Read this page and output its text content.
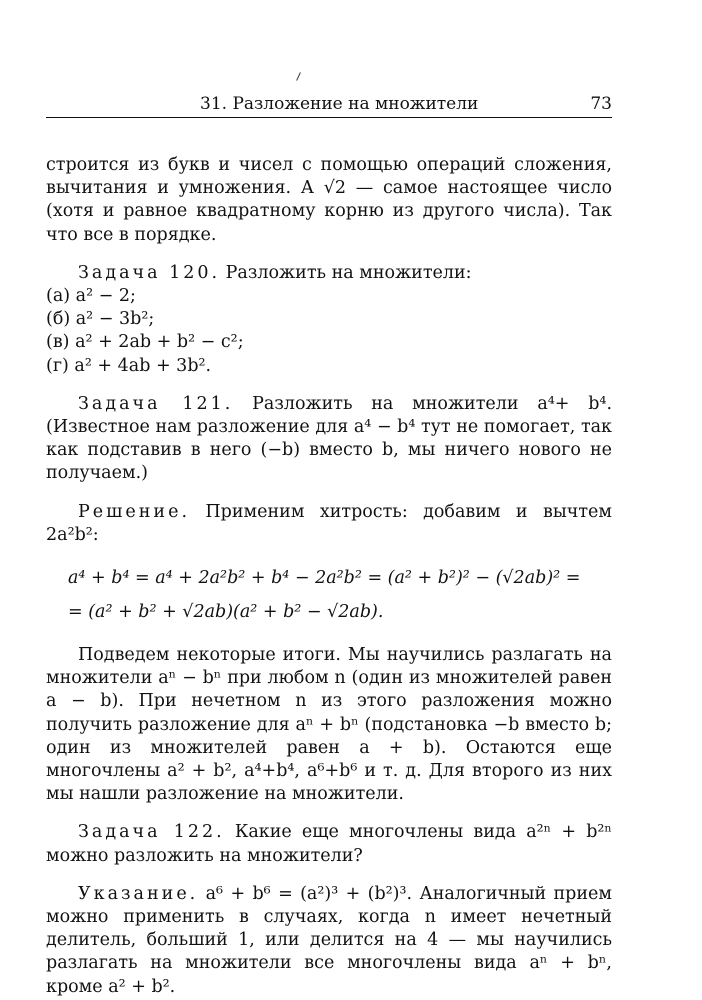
31. Разложение на множители	73

строится из букв и чисел с помощью операций сложения, вычитания и умножения. А √2 — самое настоящее число (хотя и равное квадратному корню из другого числа). Так что все в порядке.

Задача 120. Разложить на множители:

(а) a² − 2;
(б) a² − 3b²;
(в) a² + 2ab + b² − c²;
(г) a² + 4ab + 3b².

Задача 121. Разложить на множители a⁴+ b⁴. (Известное нам разложение для a⁴ − b⁴ тут не помогает, так как подставив в него (−b) вместо b, мы ничего нового не получаем.)

Решение. Применим хитрость: добавим и вычтем 2a²b²:

a⁴ + b⁴ = a⁴ + 2a²b² + b⁴ − 2a²b² = (a² + b²)² − (√2ab)² =
= (a² + b² + √2ab)(a² + b² − √2ab).

Подведем некоторые итоги. Мы научились разлагать на множители aⁿ − bⁿ при любом n (один из множителей равен a − b). При нечетном n из этого разложения можно получить разложение для aⁿ + bⁿ (подстановка −b вместо b; один из множителей равен a + b). Остаются еще многочлены a² + b², a⁴+b⁴, a⁶+b⁶ и т. д. Для второго из них мы нашли разложение на множители.

Задача 122. Какие еще многочлены вида a²ⁿ + b²ⁿ можно разложить на множители?

Указание. a⁶ + b⁶ = (a²)³ + (b²)³. Аналогичный прием можно применить в случаях, когда n имеет нечетный делитель, больший 1, или делится на 4 — мы научились разлагать на множители все многочлены вида aⁿ + bⁿ, кроме a² + b².
